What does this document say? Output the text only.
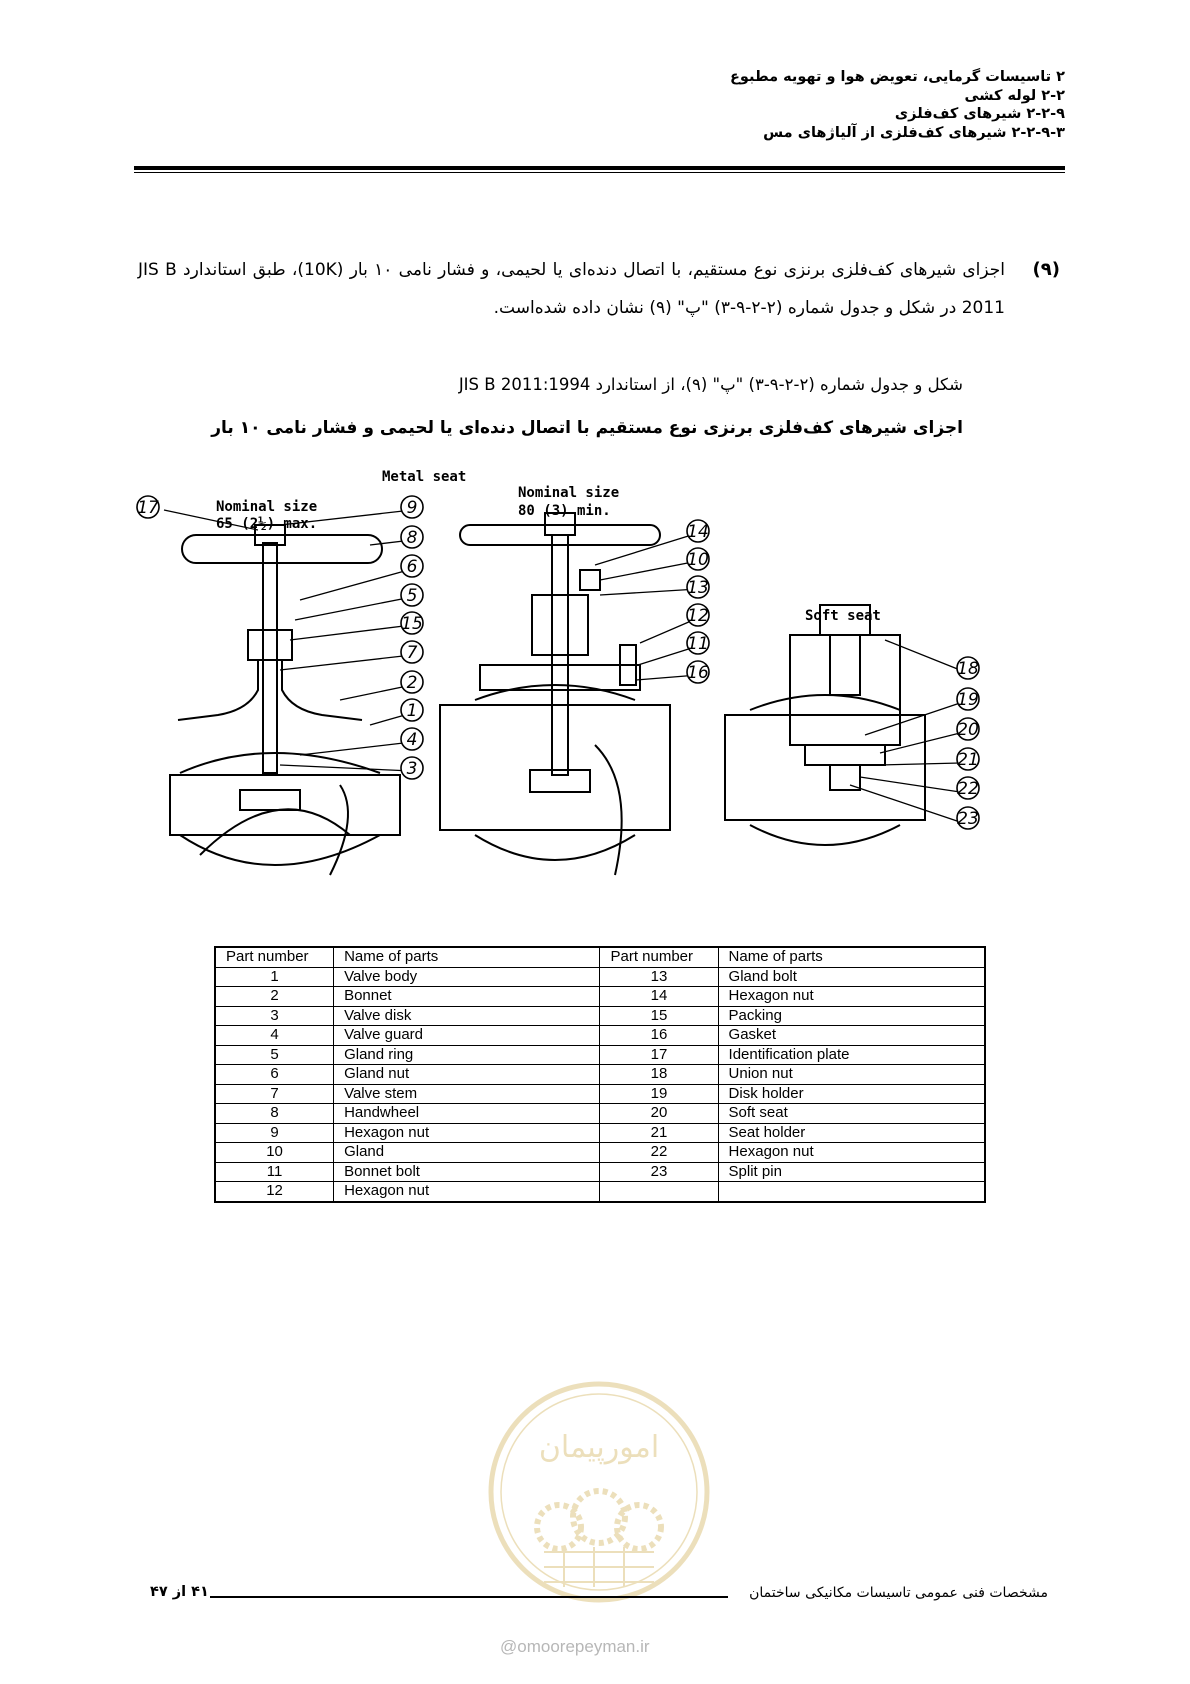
۲ تاسیسات گرمایی، تعویض هوا و تهویه مطبوع
۲-۲ لوله کشی
۲-۲-۹ شیرهای کف‌فلزی
۲-۲-۹-۳ شیرهای کف‌فلزی از آلیاژهای مس
(۹)
اجزای شیرهای کف‌فلزی برنزی نوع مستقیم، با اتصال دنده‌ای یا لحیمی، و فشار نامی ۱۰ بار (10K)، طبق استاندارد JIS B 2011 در شکل و جدول شماره (۲-۲-۹-۳) "پ" (۹) نشان داده شده‌است.
شکل و جدول شماره (۲-۲-۹-۳) "پ" (۹)، از استاندارد JIS B 2011:1994
اجزای شیرهای کف‌فلزی برنزی نوع مستقیم با اتصال دنده‌ای یا لحیمی و فشار نامی ۱۰ بار
Metal seat
Nominal size
65 (2½) max.
Nominal size
80 (3) min.
Soft seat
17	9
8
6
5
15
7
2
1
4
3
14
10
13
12
11
16	18
19
20
21
22
23
Part number	Name of parts	Part number	Name of parts
1	Valve body	13	Gland bolt
2	Bonnet	14	Hexagon nut
3	Valve disk	15	Packing
4	Valve guard	16	Gasket
5	Gland ring	17	Identification plate
6	Gland nut	18	Union nut
7	Valve stem	19	Disk holder
8	Handwheel	20	Soft seat
9	Hexagon nut	21	Seat holder
10	Gland	22	Hexagon nut
11	Bonnet bolt	23	Split pin
12	Hexagon nut		
امورپیمان
مشخصات فنی عمومی تاسیسات مکانیکی ساختمان
۴۱ از ۴۷
@omoorepeyman.ir
